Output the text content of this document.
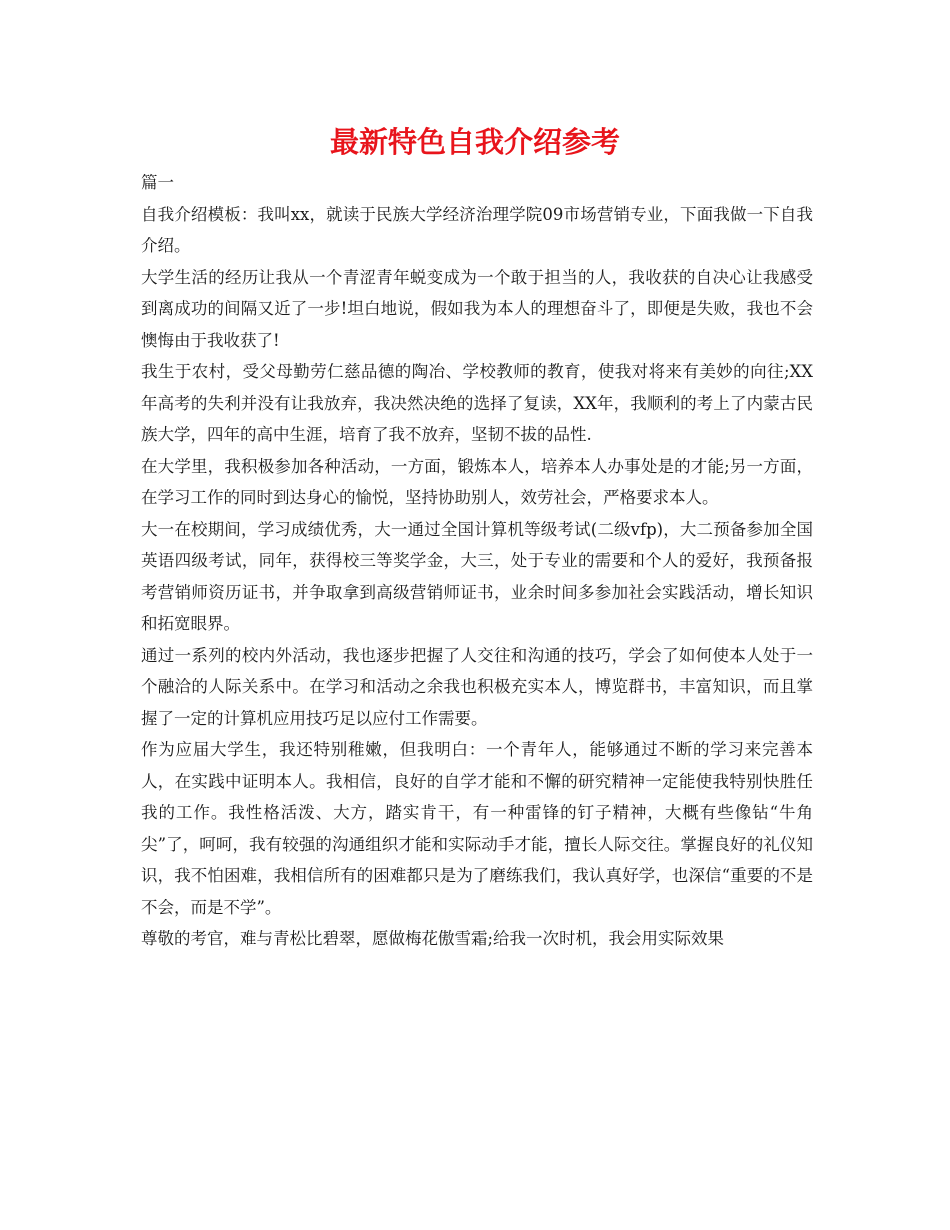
最新特色自我介绍参考

篇一

自我介绍模板：我叫xx，就读于民族大学经济治理学院09市场营销专业，下面我做一下自我介绍。

大学生活的经历让我从一个青涩青年蜕变成为一个敢于担当的人，我收获的自决心让我感受到离成功的间隔又近了一步!坦白地说，假如我为本人的理想奋斗了，即便是失败，我也不会懊悔由于我收获了!

我生于农村，受父母勤劳仁慈品德的陶冶、学校教师的教育，使我对将来有美妙的向往;XX年高考的失利并没有让我放弃，我决然决绝的选择了复读，XX年，我顺利的考上了内蒙古民族大学，四年的高中生涯，培育了我不放弃，坚韧不拔的品性.

在大学里，我积极参加各种活动，一方面，锻炼本人，培养本人办事处是的才能;另一方面，在学习工作的同时到达身心的愉悦，坚持协助别人，效劳社会，严格要求本人。

大一在校期间，学习成绩优秀，大一通过全国计算机等级考试(二级vfp)，大二预备参加全国英语四级考试，同年，获得校三等奖学金，大三，处于专业的需要和个人的爱好，我预备报考营销师资历证书，并争取拿到高级营销师证书，业余时间多参加社会实践活动，增长知识和拓宽眼界。

通过一系列的校内外活动，我也逐步把握了人交往和沟通的技巧，学会了如何使本人处于一个融洽的人际关系中。在学习和活动之余我也积极充实本人，博览群书，丰富知识，而且掌握了一定的计算机应用技巧足以应付工作需要。

作为应届大学生，我还特别稚嫩，但我明白：一个青年人，能够通过不断的学习来完善本人，在实践中证明本人。我相信，良好的自学才能和不懈的研究精神一定能使我特别快胜任我的工作。我性格活泼、大方，踏实肯干，有一种雷锋的钉子精神，大概有些像钻“牛角尖”了，呵呵，我有较强的沟通组织才能和实际动手才能，擅长人际交往。掌握良好的礼仪知识，我不怕困难，我相信所有的困难都只是为了磨练我们，我认真好学，也深信“重要的不是不会，而是不学”。

尊敬的考官，难与青松比碧翠，愿做梅花傲雪霜;给我一次时机，我会用实际效果
